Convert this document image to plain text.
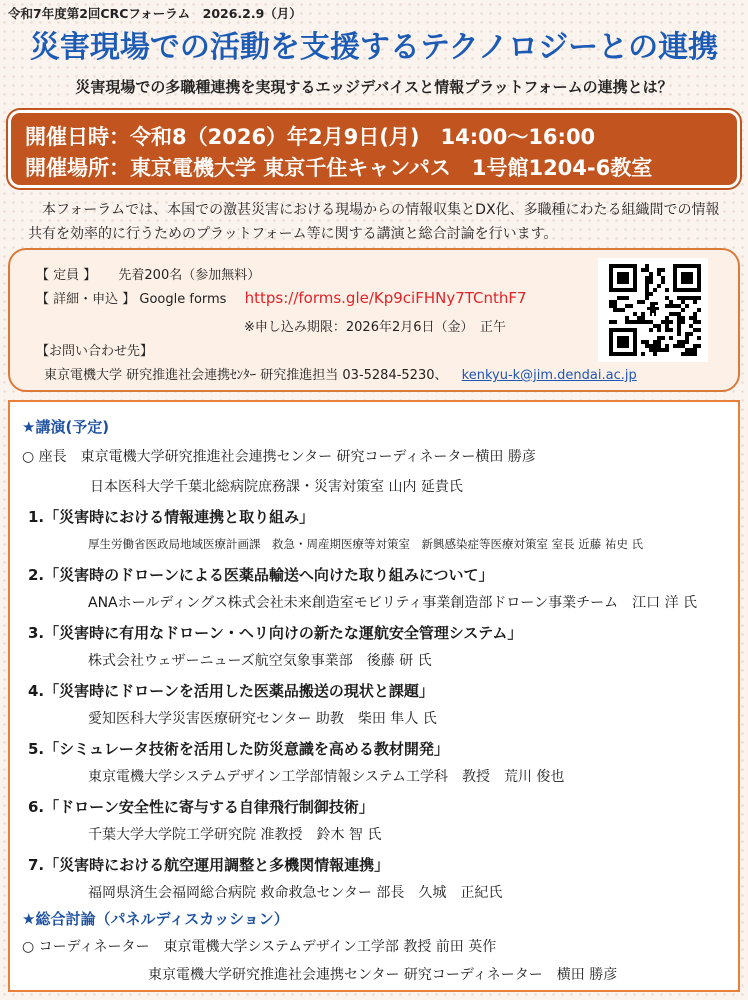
令和7年度第2回CRCフォーラム　2026.2.9（月）
災害現場での活動を支援するテクノロジーとの連携
災害現場での多職種連携を実現するエッジデバイスと情報プラットフォームの連携とは？
開催日時：令和8（2026）年2月9日(月)　14:00～16:00
開催場所：東京電機大学 東京千住キャンパス　1号館1204-6教室
本フォーラムでは、本国での激甚災害における現場からの情報収集とDX化、多職種にわたる組織間での情報共有を効率的に行うためのプラットフォーム等に関する講演と総合討論を行います。
【 定員 】 先着200名（参加無料）
【 詳細・申込 】 Google forms https://forms.gle/Kp9ciFHNy7TCnthF7
※申し込み期限：2026年2月6日（金）　正午
【お問い合わせ先】
東京電機大学 研究推進社会連携ｾﾝﾀｰ 研究推進担当 03-5284-5230、 kenkyu-k@jim.dendai.ac.jp
★講演(予定)
○ 座長　東京電機大学研究推進社会連携センター 研究コーディネーター横田 勝彦
日本医科大学千葉北総病院庶務課・災害対策室 山内 延貴氏
1.「災害時における情報連携と取り組み」
厚生労働省医政局地域医療計画課　救急・周産期医療等対策室　新興感染症等医療対策室 室長 近藤 祐史 氏
2.「災害時のドローンによる医薬品輸送へ向けた取り組みについて」
ANAホールディングス株式会社未来創造室モビリティ事業創造部ドローン事業チーム　江口 洋 氏
3.「災害時に有用なドローン・ヘリ向けの新たな運航安全管理システム」
株式会社ウェザーニューズ航空気象事業部　後藤 研 氏
4.「災害時にドローンを活用した医薬品搬送の現状と課題」
愛知医科大学災害医療研究センター 助教　柴田 隼人 氏
5.「シミュレータ技術を活用した防災意識を高める教材開発」
東京電機大学システムデザイン工学部情報システム工学科　教授　荒川 俊也
6.「ドローン安全性に寄与する自律飛行制御技術」
千葉大学大学院工学研究院 准教授　鈴木 智 氏
7.「災害時における航空運用調整と多機関情報連携」
福岡県済生会福岡総合病院 救命救急センター 部長　久城　正紀氏
★総合討論（パネルディスカッション）
○ コーディネーター　東京電機大学システムデザイン工学部 教授 前田 英作
東京電機大学研究推進社会連携センター 研究コーディネーター　横田 勝彦
